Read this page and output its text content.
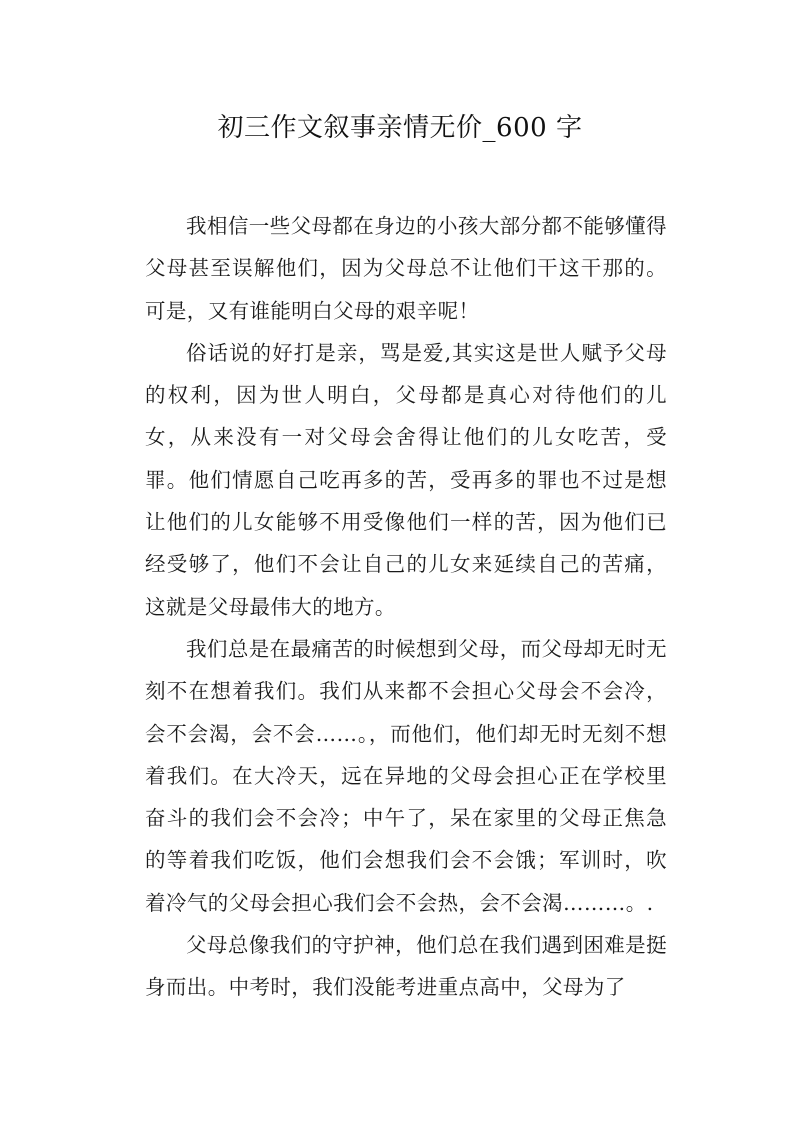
初三作文叙事亲情无价_600 字

我相信一些父母都在身边的小孩大部分都不能够懂得父母甚至误解他们，因为父母总不让他们干这干那的。可是，又有谁能明白父母的艰辛呢！

俗话说的好打是亲，骂是爱,其实这是世人赋予父母的权利，因为世人明白，父母都是真心对待他们的儿女，从来没有一对父母会舍得让他们的儿女吃苦，受罪。他们情愿自己吃再多的苦，受再多的罪也不过是想让他们的儿女能够不用受像他们一样的苦，因为他们已经受够了，他们不会让自己的儿女来延续自己的苦痛，这就是父母最伟大的地方。

我们总是在最痛苦的时候想到父母，而父母却无时无刻不在想着我们。我们从来都不会担心父母会不会冷，会不会渴，会不会……。，而他们，他们却无时无刻不想着我们。在大冷天，远在异地的父母会担心正在学校里奋斗的我们会不会冷；中午了，呆在家里的父母正焦急的等着我们吃饭，他们会想我们会不会饿；军训时，吹着冷气的父母会担心我们会不会热，会不会渴………。.

父母总像我们的守护神，他们总在我们遇到困难是挺身而出。中考时，我们没能考进重点高中，父母为了
